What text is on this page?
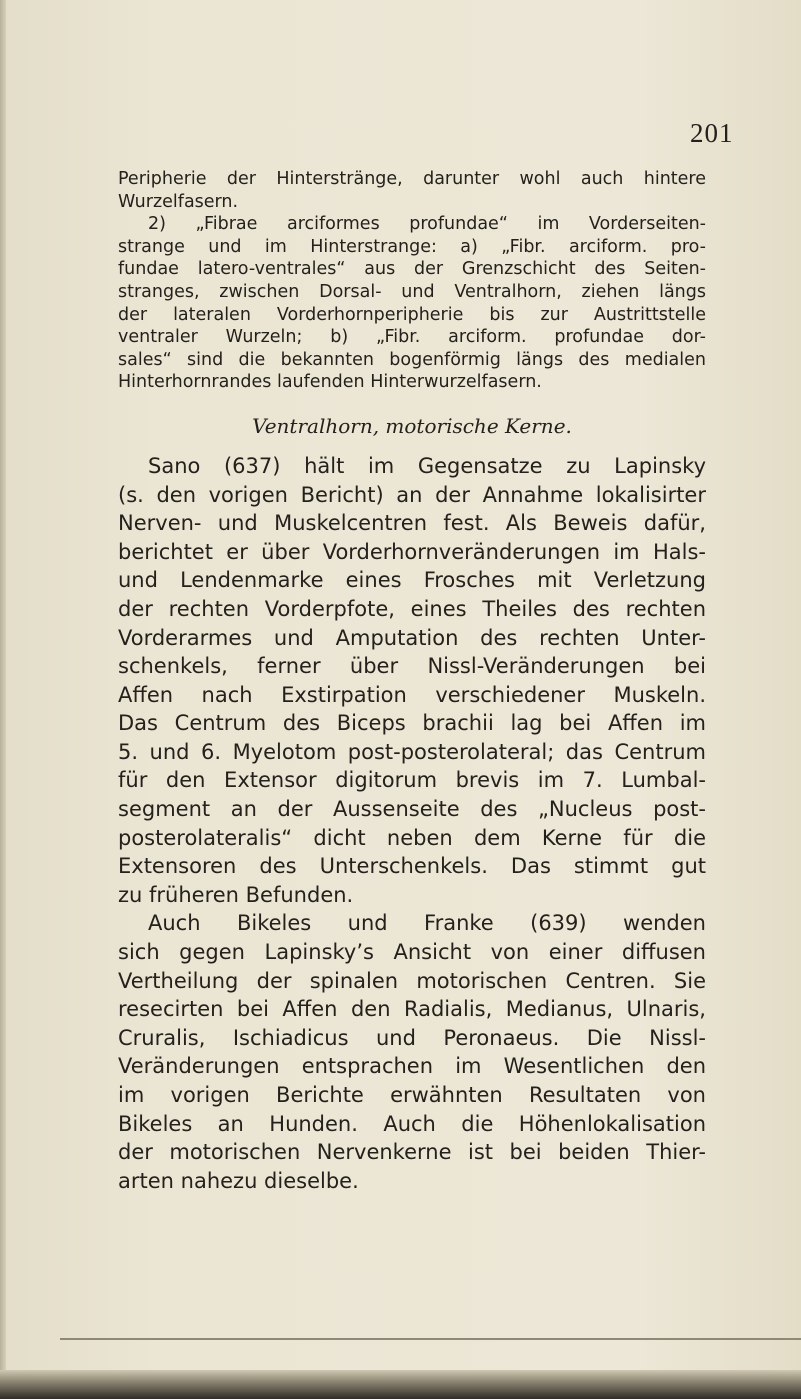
201

Peripherie der Hinterstränge, darunter wohl auch hintere
Wurzelfasern.

2) „Fibrae arciformes profundae“ im Vorderseiten-
strange und im Hinterstrange: a) „Fibr. arciform. pro-
fundae latero-ventrales“ aus der Grenzschicht des Seiten-
stranges, zwischen Dorsal- und Ventralhorn, ziehen längs
der lateralen Vorderhornperipherie bis zur Austrittstelle
ventraler Wurzeln; b) „Fibr. arciform. profundae dor-
sales“ sind die bekannten bogenförmig längs des medialen
Hinterhornrandes laufenden Hinterwurzelfasern.

Ventralhorn, motorische Kerne.

Sano (637) hält im Gegensatze zu Lapinsky
(s. den vorigen Bericht) an der Annahme lokalisirter
Nerven- und Muskelcentren fest. Als Beweis dafür,
berichtet er über Vorderhornveränderungen im Hals-
und Lendenmarke eines Frosches mit Verletzung
der rechten Vorderpfote, eines Theiles des rechten
Vorderarmes und Amputation des rechten Unter-
schenkels, ferner über Nissl-Veränderungen bei
Affen nach Exstirpation verschiedener Muskeln.
Das Centrum des Biceps brachii lag bei Affen im
5. und 6. Myelotom post-posterolateral; das Centrum
für den Extensor digitorum brevis im 7. Lumbal-
segment an der Aussenseite des „Nucleus post-
posterolateralis“ dicht neben dem Kerne für die
Extensoren des Unterschenkels. Das stimmt gut
zu früheren Befunden.

Auch Bikeles und Franke (639) wenden
sich gegen Lapinsky’s Ansicht von einer diffusen
Vertheilung der spinalen motorischen Centren. Sie
resecirten bei Affen den Radialis, Medianus, Ulnaris,
Cruralis, Ischiadicus und Peronaeus. Die Nissl-
Veränderungen entsprachen im Wesentlichen den
im vorigen Berichte erwähnten Resultaten von
Bikeles an Hunden. Auch die Höhenlokalisation
der motorischen Nervenkerne ist bei beiden Thier-
arten nahezu dieselbe.
